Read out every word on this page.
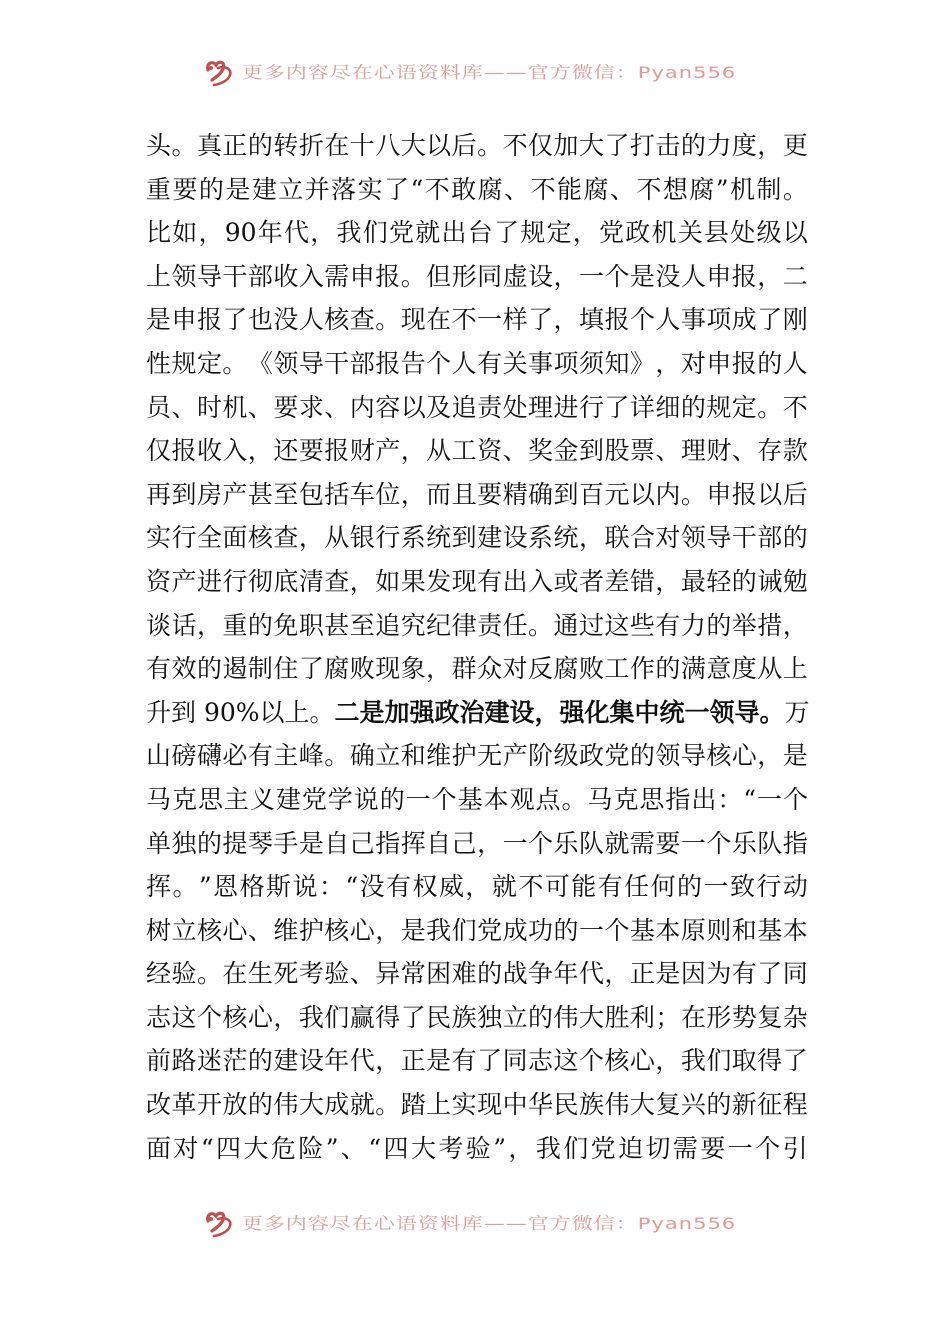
更多内容尽在心语资料库——官方微信：Pyan556
头 。 真 正 的 转 折 在 十 八 大 以 后 。 不 仅 加 大 了 打 击 的 力 度 ， 更
重 要 的 是 建 立 并 落 实 了 “ 不 敢 腐 、 不 能 腐 、 不 想 腐 ” 机 制 。
比 如 ， 90 年 代 ， 我 们 党 就 出 台 了 规 定 ， 党 政 机 关 县 处 级 以
上 领 导 干 部 收 入 需 申 报 。 但 形 同 虚 设 ， 一 个 是 没 人 申 报 ， 二
是 申 报 了 也 没 人 核 查 。 现 在 不 一 样 了 ， 填 报 个 人 事 项 成 了 刚
性 规 定 。 《 领 导 干 部 报 告 个 人 有 关 事 项 须 知 》 ， 对 申 报 的 人
员 、 时 机 、 要 求 、 内 容 以 及 追 责 处 理 进 行 了 详 细 的 规 定 。 不
仅 报 收 入 ， 还 要 报 财 产 ， 从 工 资 、 奖 金 到 股 票 、 理 财 、 存 款
再 到 房 产 甚 至 包 括 车 位 ， 而 且 要 精 确 到 百 元 以 内 。 申 报 以 后
实 行 全 面 核 查 ， 从 银 行 系 统 到 建 设 系 统 ， 联 合 对 领 导 干 部 的
资 产 进 行 彻 底 清 查 ， 如 果 发 现 有 出 入 或 者 差 错 ， 最 轻 的 诫 勉
谈 话 ， 重 的 免 职 甚 至 追 究 纪 律 责 任 。 通 过 这 些 有 力 的 举 措 ，
有 效 的 遏 制 住 了 腐 败 现 象 ， 群 众 对 反 腐 败 工 作 的 满 意 度 从 上
升到 90%以上。 二是加强政治建设，强化集中统一领导。 万
山 磅 礴 必 有 主 峰 。 确 立 和 维 护 无 产 阶 级 政 党 的 领 导 核 心 ， 是
马 克 思 主 义 建 党 学 说 的 一 个 基 本 观 点 。 马 克 思 指 出 ： “ 一 个
单 独 的 提 琴 手 是 自 己 指 挥 自 己 ， 一 个 乐 队 就 需 要 一 个 乐 队 指
挥 。 ” 恩 格 斯 说 ： “ 没 有 权 威 ， 就 不 可 能 有 任 何 的 一 致 行 动
树 立 核 心 、 维 护 核 心 ， 是 我 们 党 成 功 的 一 个 基 本 原 则 和 基 本
经 验 。 在 生 死 考 验 、 异 常 困 难 的 战 争 年 代 ， 正 是 因 为 有 了 同
志 这 个 核 心 ， 我 们 赢 得 了 民 族 独 立 的 伟 大 胜 利 ； 在 形 势 复 杂
前 路 迷 茫 的 建 设 年 代 ， 正 是 有 了 同 志 这 个 核 心 ， 我 们 取 得 了
改 革 开 放 的 伟 大 成 就 。 踏 上 实 现 中 华 民 族 伟 大 复 兴 的 新 征 程
面 对 “ 四 大 危 险 ” 、 “ 四 大 考 验 ” ， 我 们 党 迫 切 需 要 一 个 引
更多内容尽在心语资料库——官方微信：Pyan556
